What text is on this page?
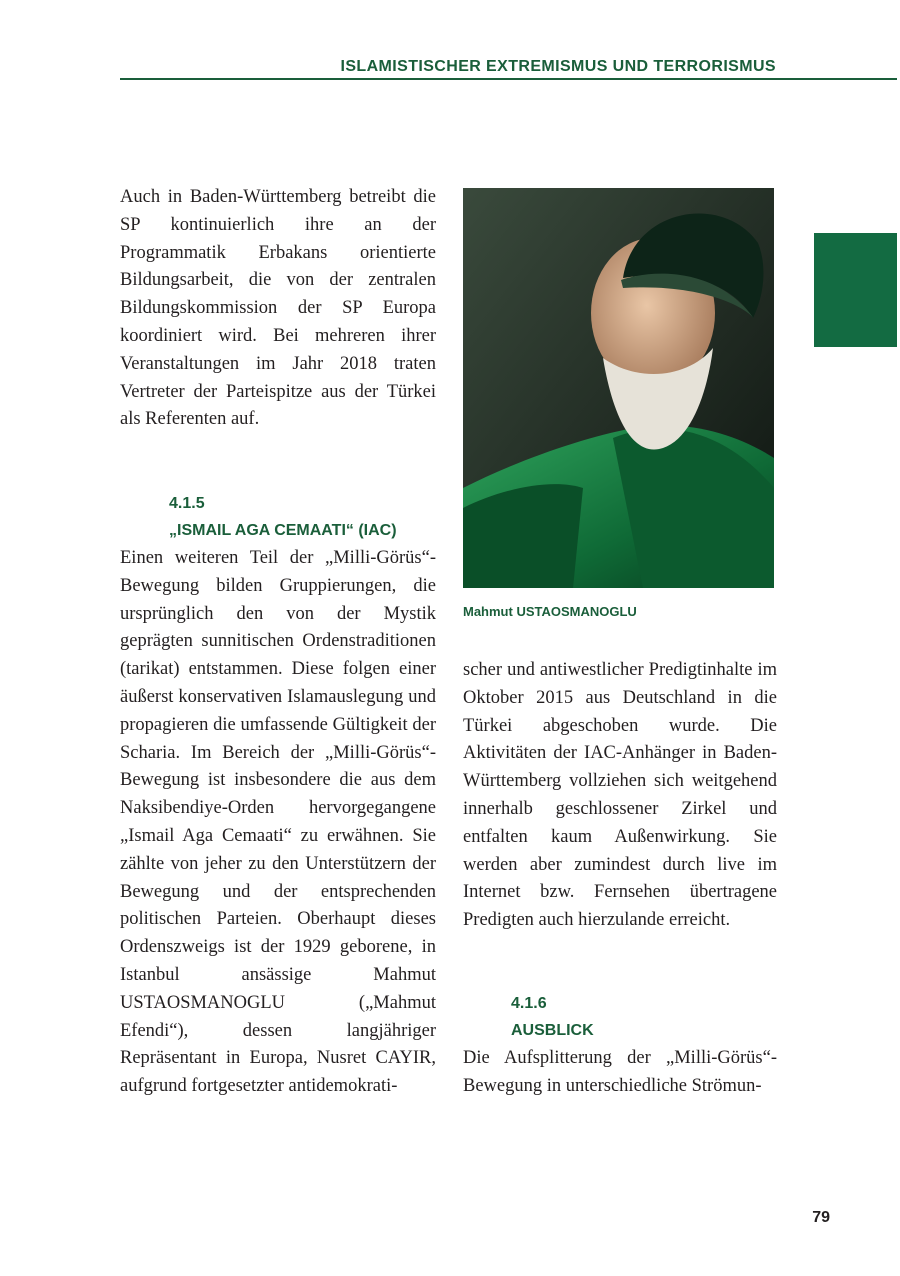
ISLAMISTISCHER EXTREMISMUS UND TERRORISMUS

Auch in Baden-Württemberg betreibt die SP kontinuierlich ihre an der Programmatik Erbakans orientierte Bildungsarbeit, die von der zentralen Bildungskommission der SP Europa koordiniert wird. Bei mehreren ihrer Veranstaltungen im Jahr 2018 traten Vertreter der Parteispitze aus der Türkei als Referenten auf.

4.1.5
„ISMAIL AGA CEMAATI“ (IAC)

Einen weiteren Teil der „Milli-Görüs“-Bewegung bilden Gruppierungen, die ursprünglich den von der Mystik geprägten sunnitischen Ordenstraditionen (tarikat) entstammen. Diese folgen einer äußerst konservativen Islamauslegung und propagieren die umfassende Gültigkeit der Scharia. Im Bereich der „Milli-Görüs“-Bewegung ist insbesondere die aus dem Naksibendiye-Orden hervorgegangene „Ismail Aga Cemaati“ zu erwähnen. Sie zählte von jeher zu den Unterstützern der Bewegung und der entsprechenden politischen Parteien. Oberhaupt dieses Ordenszweigs ist der 1929 geborene, in Istanbul ansässige Mahmut USTAOSMANOGLU („Mahmut Efendi“), dessen langjähriger Repräsentant in Europa, Nusret CAYIR, aufgrund fortgesetzter antidemokrati-

Mahmut USTAOSMANOGLU

scher und antiwestlicher Predigtinhalte im Oktober 2015 aus Deutschland in die Türkei abgeschoben wurde. Die Aktivitäten der IAC-Anhänger in Baden-Württemberg vollziehen sich weitgehend innerhalb geschlossener Zirkel und entfalten kaum Außenwirkung. Sie werden aber zumindest durch live im Internet bzw. Fernsehen übertragene Predigten auch hierzulande erreicht.

4.1.6
AUSBLICK

Die Aufsplitterung der „Milli-Görüs“-Bewegung in unterschiedliche Strömun-

79
